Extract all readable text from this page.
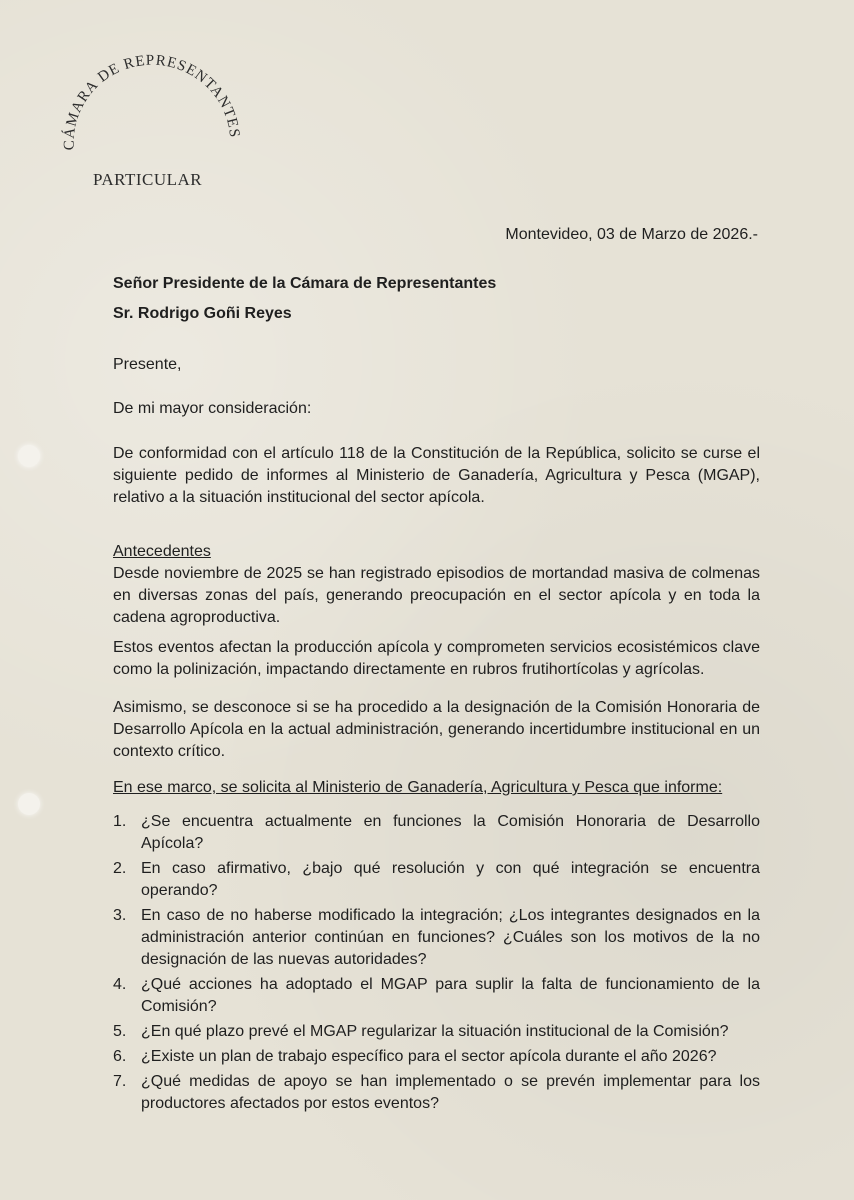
CÁMARA DE REPRESENTANTES
PARTICULAR
Montevideo, 03 de Marzo de 2026.-
Señor Presidente de la Cámara de Representantes
Sr. Rodrigo Goñi Reyes
Presente,
De mi mayor consideración:
De conformidad con el artículo 118 de la Constitución de la República, solicito se curse el siguiente pedido de informes al Ministerio de Ganadería, Agricultura y Pesca (MGAP), relativo a la situación institucional del sector apícola.
Antecedentes
Desde noviembre de 2025 se han registrado episodios de mortandad masiva de colmenas en diversas zonas del país, generando preocupación en el sector apícola y en toda la cadena agroproductiva.
Estos eventos afectan la producción apícola y comprometen servicios ecosistémicos clave como la polinización, impactando directamente en rubros frutihortícolas y agrícolas.
Asimismo, se desconoce si se ha procedido a la designación de la Comisión Honoraria de Desarrollo Apícola en la actual administración, generando incertidumbre institucional en un contexto crítico.
En ese marco, se solicita al Ministerio de Ganadería, Agricultura y Pesca que informe:
1. ¿Se encuentra actualmente en funciones la Comisión Honoraria de Desarrollo Apícola?
2. En caso afirmativo, ¿bajo qué resolución y con qué integración se encuentra operando?
3. En caso de no haberse modificado la integración; ¿Los integrantes designados en la administración anterior continúan en funciones? ¿Cuáles son los motivos de la no designación de las nuevas autoridades?
4. ¿Qué acciones ha adoptado el MGAP para suplir la falta de funcionamiento de la Comisión?
5. ¿En qué plazo prevé el MGAP regularizar la situación institucional de la Comisión?
6. ¿Existe un plan de trabajo específico para el sector apícola durante el año 2026?
7. ¿Qué medidas de apoyo se han implementado o se prevén implementar para los productores afectados por estos eventos?
